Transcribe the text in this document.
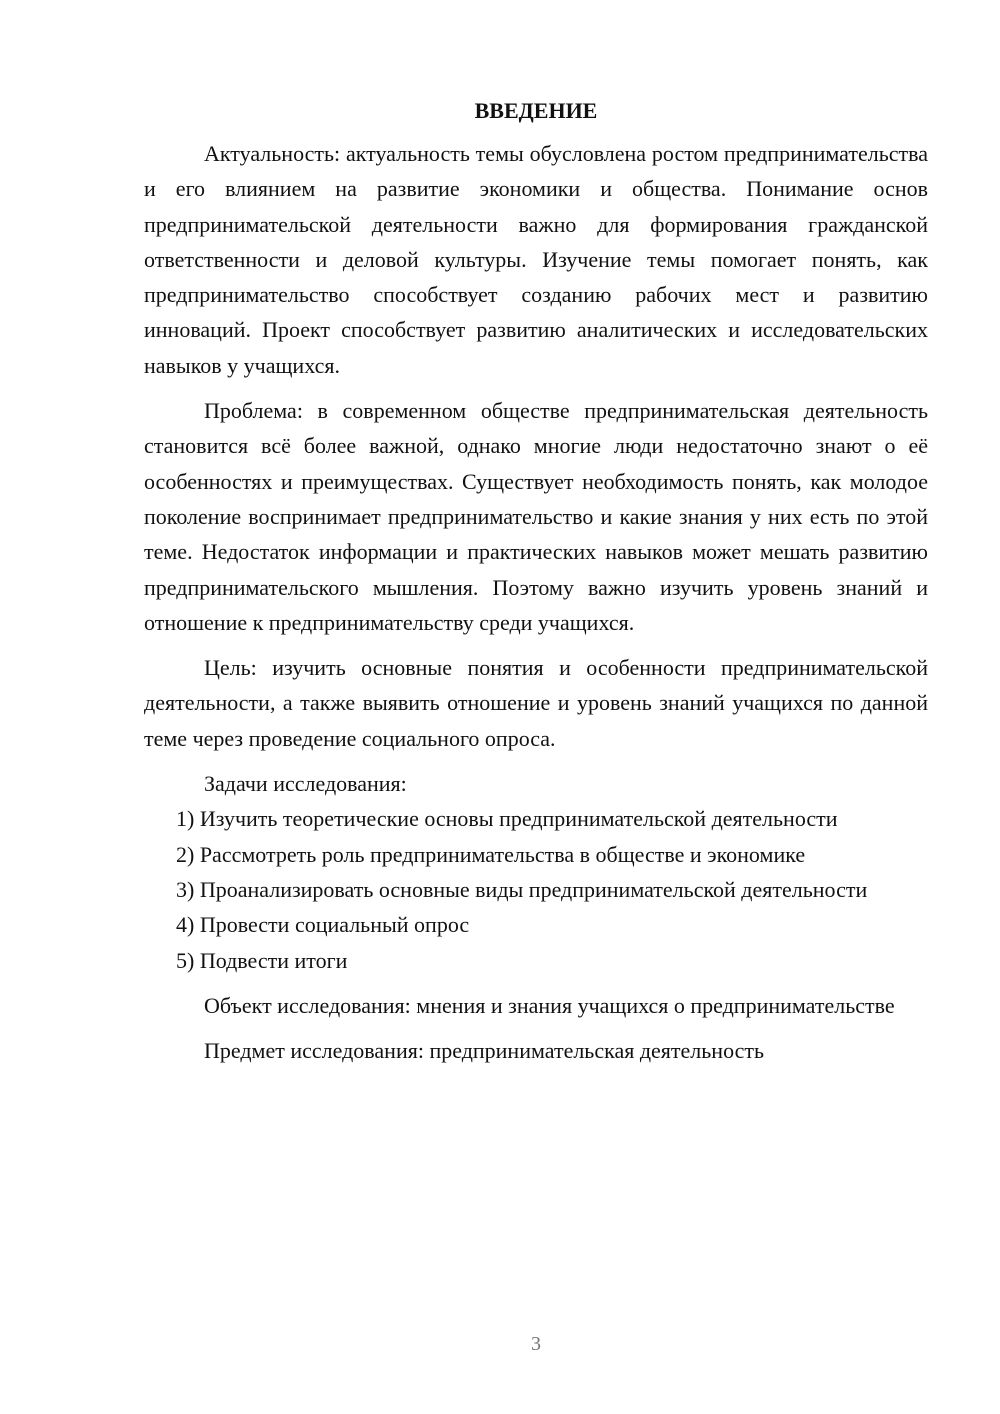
ВВЕДЕНИЕ

Актуальность: актуальность темы обусловлена ростом предпринимательства и его влиянием на развитие экономики и общества. Понимание основ предпринимательской деятельности важно для формирования гражданской ответственности и деловой культуры. Изучение темы помогает понять, как предпринимательство способствует созданию рабочих мест и развитию инноваций. Проект способствует развитию аналитических и исследовательских навыков у учащихся.

Проблема: в современном обществе предпринимательская деятельность становится всё более важной, однако многие люди недостаточно знают о её особенностях и преимуществах. Существует необходимость понять, как молодое поколение воспринимает предпринимательство и какие знания у них есть по этой теме. Недостаток информации и практических навыков может мешать развитию предпринимательского мышления. Поэтому важно изучить уровень знаний и отношение к предпринимательству среди учащихся.

Цель: изучить основные понятия и особенности предпринимательской деятельности, а также выявить отношение и уровень знаний учащихся по данной теме через проведение социального опроса.

Задачи исследования:

1) Изучить теоретические основы предпринимательской деятельности

2) Рассмотреть роль предпринимательства в обществе и экономике

3) Проанализировать основные виды предпринимательской деятельности

4) Провести социальный опрос

5) Подвести итоги

Объект исследования: мнения и знания учащихся о предпринимательстве

Предмет исследования: предпринимательская деятельность

3
